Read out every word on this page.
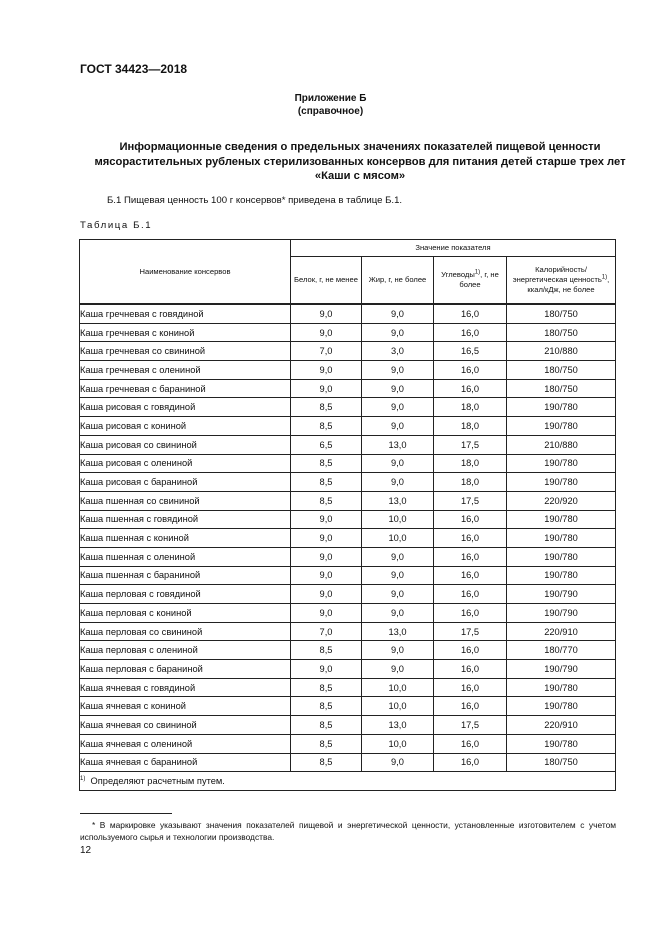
ГОСТ 34423—2018
Приложение Б
(справочное)
Информационные сведения о предельных значениях показателей пищевой ценности
мясорастительных рубленых стерилизованных консервов для питания детей старше трех лет
«Каши с мясом»
Б.1 Пищевая ценность 100 г консервов* приведена в таблице Б.1.
Таблица Б.1
Наименование консервов	Значение показателя			
	Белок, г, не менее	Жир, г, не более	Углеводы$^{1)}$, г, не более	Калорийность/ энергетическая ценность$^{1)}$, ккал/кДж, не более
Каша гречневая с говядиной	9,0	9,0	16,0	180/750
Каша гречневая с кониной	9,0	9,0	16,0	180/750
Каша гречневая со свининой	7,0	3,0	16,5	210/880
Каша гречневая с олениной	9,0	9,0	16,0	180/750
Каша гречневая с бараниной	9,0	9,0	16,0	180/750
Каша рисовая с говядиной	8,5	9,0	18,0	190/780
Каша рисовая с кониной	8,5	9,0	18,0	190/780
Каша рисовая со свининой	6,5	13,0	17,5	210/880
Каша рисовая с олениной	8,5	9,0	18,0	190/780
Каша рисовая с бараниной	8,5	9,0	18,0	190/780
Каша пшенная со свининой	8,5	13,0	17,5	220/920
Каша пшенная с говядиной	9,0	10,0	16,0	190/780
Каша пшенная с кониной	9,0	10,0	16,0	190/780
Каша пшенная с олениной	9,0	9,0	16,0	190/780
Каша пшенная с бараниной	9,0	9,0	16,0	190/780
Каша перловая с говядиной	9,0	9,0	16,0	190/790
Каша перловая с кониной	9,0	9,0	16,0	190/790
Каша перловая со свининой	7,0	13,0	17,5	220/910
Каша перловая с олениной	8,5	9,0	16,0	180/770
Каша перловая с бараниной	9,0	9,0	16,0	190/790
Каша ячневая с говядиной	8,5	10,0	16,0	190/780
Каша ячневая с кониной	8,5	10,0	16,0	190/780
Каша ячневая со свининой	8,5	13,0	17,5	220/910
Каша ячневая с олениной	8,5	10,0	16,0	190/780
Каша ячневая с бараниной	8,5	9,0	16,0	180/750
$^{1)}$ Определяют расчетным путем.				
* В маркировке указывают значения показателей пищевой и энергетической ценности, установленные изготовителем с учетом используемого сырья и технологии производства.
12
